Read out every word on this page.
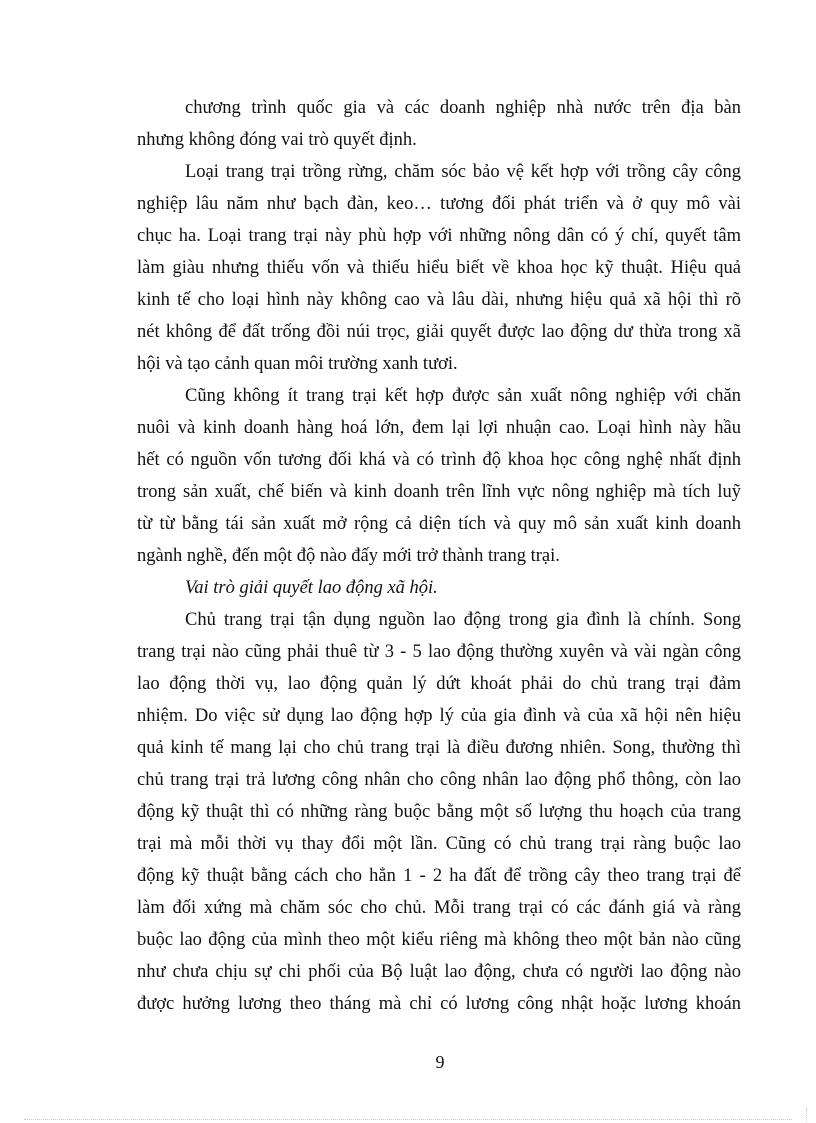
chương trình quốc gia và các doanh nghiệp nhà nước trên địa bàn
nhưng không đóng vai trò quyết định.
Loại trang trại trồng rừng, chăm sóc bảo vệ kết hợp với trồng cây công
nghiệp lâu năm như bạch đàn, keo… tương đối phát triển và ở quy mô vài
chục ha. Loại trang trại này phù hợp với những nông dân có ý chí, quyết tâm
làm giàu nhưng thiếu vốn và thiếu hiểu biết về khoa học kỹ thuật. Hiệu quả
kinh tế cho loại hình này không cao và lâu dài, nhưng hiệu quả xã hội thì rõ
nét không để đất trống đồi núi trọc, giải quyết được lao động dư thừa trong xã
hội và tạo cảnh quan môi trường xanh tươi.
Cũng không ít trang trại kết hợp được sản xuất nông nghiệp với chăn
nuôi và kinh doanh hàng hoá lớn, đem lại lợi nhuận cao. Loại hình này hầu
hết có nguồn vốn tương đối khá và có trình độ khoa học công nghệ nhất định
trong sản xuất, chế biến và kinh doanh trên lĩnh vực nông nghiệp mà tích luỹ
từ từ bằng tái sản xuất mở rộng cả diện tích và quy mô sản xuất kinh doanh
ngành nghề, đến một độ nào đấy mới trở thành trang trại.
Vai trò giải quyết lao động xã hội.
Chủ trang trại tận dụng nguồn lao động trong gia đình là chính. Song
trang trại nào cũng phải thuê từ 3 - 5 lao động thường xuyên và vài ngàn công
lao động thời vụ, lao động quản lý dứt khoát phải do chủ trang trại đảm
nhiệm. Do việc sử dụng lao động hợp lý của gia đình và của xã hội nên hiệu
quả kinh tế mang lại cho chủ trang trại là điều đương nhiên. Song, thường thì
chủ trang trại trả lương công nhân cho công nhân lao động phổ thông, còn lao
động kỹ thuật thì có những ràng buộc bằng một số lượng thu hoạch của trang
trại mà mỗi thời vụ thay đổi một lần. Cũng có chủ trang trại ràng buộc lao
động kỹ thuật bằng cách cho hẳn 1 - 2 ha đất để trồng cây theo trang trại để
làm đối xứng mà chăm sóc cho chủ. Mỗi trang trại có các đánh giá và ràng
buộc lao động của mình theo một kiểu riêng mà không theo một bản nào cũng
như chưa chịu sự chi phối của Bộ luật lao động, chưa có người lao động nào
được hưởng lương theo tháng mà chỉ có lương công nhật hoặc lương khoán
9
